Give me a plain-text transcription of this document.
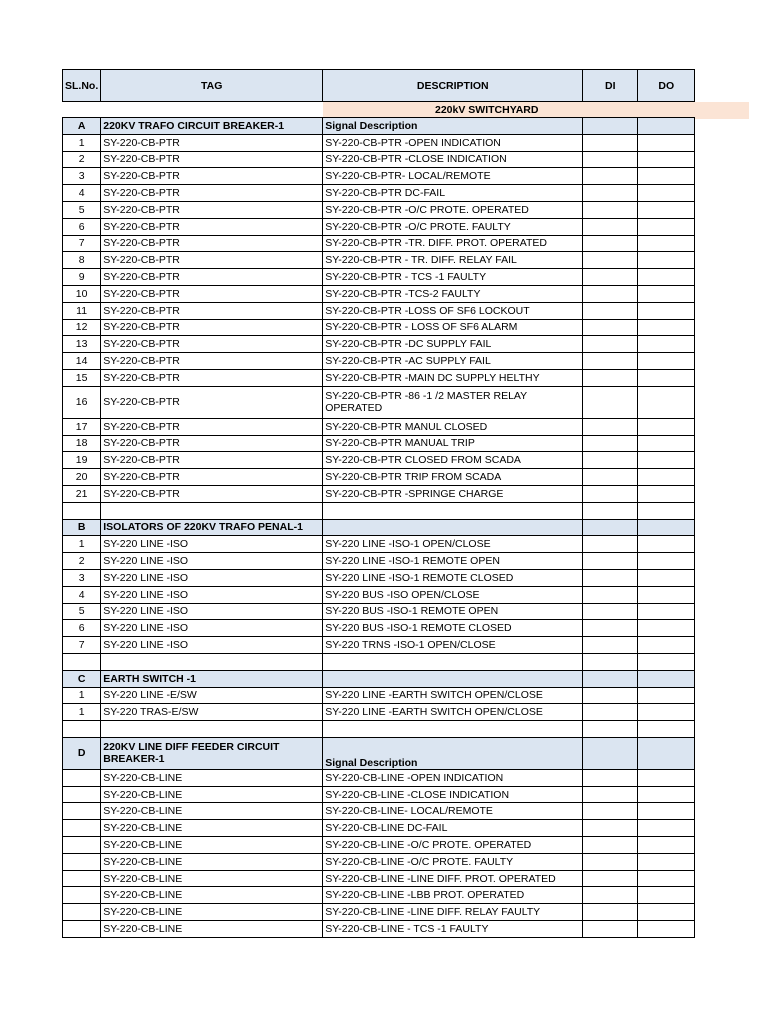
SL.No.	TAG	DESCRIPTION	DI	DO
		220kV SWITCHYARD		
A	220KV TRAFO CIRCUIT BREAKER-1	Signal Description		
1	SY-220-CB-PTR	SY-220-CB-PTR -OPEN INDICATION		
2	SY-220-CB-PTR	SY-220-CB-PTR -CLOSE INDICATION		
3	SY-220-CB-PTR	SY-220-CB-PTR- LOCAL/REMOTE		
4	SY-220-CB-PTR	SY-220-CB-PTR DC-FAIL		
5	SY-220-CB-PTR	SY-220-CB-PTR -O/C PROTE. OPERATED		
6	SY-220-CB-PTR	SY-220-CB-PTR -O/C PROTE. FAULTY		
7	SY-220-CB-PTR	SY-220-CB-PTR -TR. DIFF. PROT. OPERATED		
8	SY-220-CB-PTR	SY-220-CB-PTR - TR. DIFF. RELAY FAIL		
9	SY-220-CB-PTR	SY-220-CB-PTR - TCS -1 FAULTY		
10	SY-220-CB-PTR	SY-220-CB-PTR -TCS-2 FAULTY		
11	SY-220-CB-PTR	SY-220-CB-PTR -LOSS OF SF6 LOCKOUT		
12	SY-220-CB-PTR	SY-220-CB-PTR - LOSS OF SF6 ALARM		
13	SY-220-CB-PTR	SY-220-CB-PTR -DC SUPPLY FAIL		
14	SY-220-CB-PTR	SY-220-CB-PTR -AC SUPPLY FAIL		
15	SY-220-CB-PTR	SY-220-CB-PTR -MAIN DC SUPPLY HELTHY		
16	SY-220-CB-PTR	SY-220-CB-PTR -86 -1 /2 MASTER RELAY OPERATED		
17	SY-220-CB-PTR	SY-220-CB-PTR MANUL CLOSED		
18	SY-220-CB-PTR	SY-220-CB-PTR MANUAL TRIP		
19	SY-220-CB-PTR	SY-220-CB-PTR CLOSED FROM SCADA		
20	SY-220-CB-PTR	SY-220-CB-PTR TRIP FROM SCADA		
21	SY-220-CB-PTR	SY-220-CB-PTR -SPRINGE CHARGE		

B	ISOLATORS OF 220KV TRAFO PENAL-1			
1	SY-220 LINE -ISO	SY-220 LINE -ISO-1 OPEN/CLOSE		
2	SY-220 LINE -ISO	SY-220 LINE -ISO-1 REMOTE OPEN		
3	SY-220 LINE -ISO	SY-220 LINE -ISO-1 REMOTE CLOSED		
4	SY-220 LINE -ISO	SY-220 BUS -ISO OPEN/CLOSE		
5	SY-220 LINE -ISO	SY-220 BUS -ISO-1 REMOTE OPEN		
6	SY-220 LINE -ISO	SY-220 BUS -ISO-1 REMOTE CLOSED		
7	SY-220 LINE -ISO	SY-220 TRNS -ISO-1 OPEN/CLOSE		

C	EARTH SWITCH -1			
1	SY-220 LINE -E/SW	SY-220 LINE -EARTH SWITCH OPEN/CLOSE		
1	SY-220 TRAS-E/SW	SY-220 LINE -EARTH SWITCH OPEN/CLOSE		

D	220KV LINE DIFF FEEDER CIRCUIT BREAKER-1	Signal Description		
	SY-220-CB-LINE	SY-220-CB-LINE -OPEN INDICATION		
	SY-220-CB-LINE	SY-220-CB-LINE -CLOSE INDICATION		
	SY-220-CB-LINE	SY-220-CB-LINE- LOCAL/REMOTE		
	SY-220-CB-LINE	SY-220-CB-LINE DC-FAIL		
	SY-220-CB-LINE	SY-220-CB-LINE -O/C PROTE. OPERATED		
	SY-220-CB-LINE	SY-220-CB-LINE -O/C PROTE. FAULTY		
	SY-220-CB-LINE	SY-220-CB-LINE -LINE DIFF. PROT. OPERATED		
	SY-220-CB-LINE	SY-220-CB-LINE -LBB PROT. OPERATED		
	SY-220-CB-LINE	SY-220-CB-LINE -LINE DIFF. RELAY FAULTY		
	SY-220-CB-LINE	SY-220-CB-LINE - TCS -1 FAULTY		
